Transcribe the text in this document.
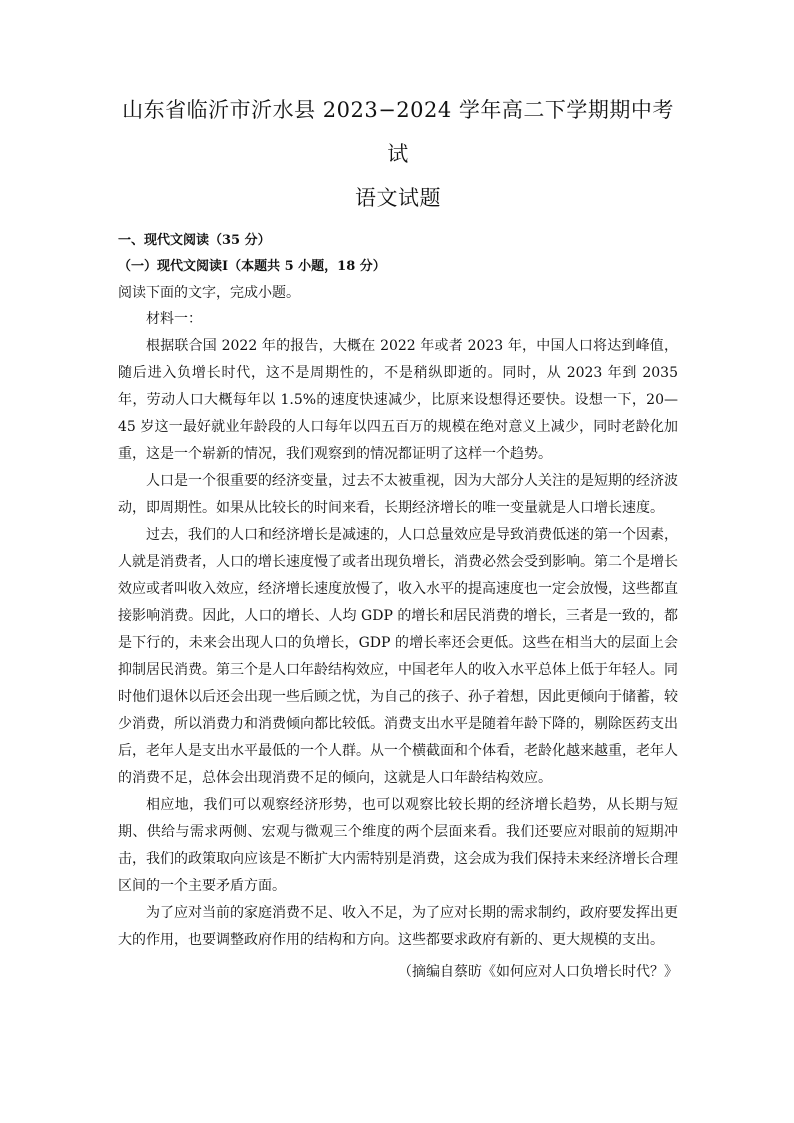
山东省临沂市沂水县 2023−2024 学年高二下学期期中考试
语文试题

一、现代文阅读（35 分）

（一）现代文阅读Ⅰ（本题共 5 小题，18 分）

阅读下面的文字，完成小题。

材料一：

根据联合国 2022 年的报告，大概在 2022 年或者 2023 年，中国人口将达到峰值，随后进入负增长时代，这不是周期性的，不是稍纵即逝的。同时，从 2023 年到 2035 年，劳动人口大概每年以 1.5%的速度快速减少，比原来设想得还要快。设想一下，20—45 岁这一最好就业年龄段的人口每年以四五百万的规模在绝对意义上减少，同时老龄化加重，这是一个崭新的情况，我们观察到的情况都证明了这样一个趋势。

人口是一个很重要的经济变量，过去不太被重视，因为大部分人关注的是短期的经济波动，即周期性。如果从比较长的时间来看，长期经济增长的唯一变量就是人口增长速度。

过去，我们的人口和经济增长是减速的，人口总量效应是导致消费低迷的第一个因素，人就是消费者，人口的增长速度慢了或者出现负增长，消费必然会受到影响。第二个是增长效应或者叫收入效应，经济增长速度放慢了，收入水平的提高速度也一定会放慢，这些都直接影响消费。因此，人口的增长、人均 GDP 的增长和居民消费的增长，三者是一致的，都是下行的，未来会出现人口的负增长，GDP 的增长率还会更低。这些在相当大的层面上会抑制居民消费。第三个是人口年龄结构效应，中国老年人的收入水平总体上低于年轻人。同时他们退休以后还会出现一些后顾之忧，为自己的孩子、孙子着想，因此更倾向于储蓄，较少消费，所以消费力和消费倾向都比较低。消费支出水平是随着年龄下降的，剔除医药支出后，老年人是支出水平最低的一个人群。从一个横截面和个体看，老龄化越来越重，老年人的消费不足，总体会出现消费不足的倾向，这就是人口年龄结构效应。

相应地，我们可以观察经济形势，也可以观察比较长期的经济增长趋势，从长期与短期、供给与需求两侧、宏观与微观三个维度的两个层面来看。我们还要应对眼前的短期冲击，我们的政策取向应该是不断扩大内需特别是消费，这会成为我们保持未来经济增长合理区间的一个主要矛盾方面。

为了应对当前的家庭消费不足、收入不足，为了应对长期的需求制约，政府要发挥出更大的作用，也要调整政府作用的结构和方向。这些都要求政府有新的、更大规模的支出。

（摘编自蔡昉《如何应对人口负增长时代？》
